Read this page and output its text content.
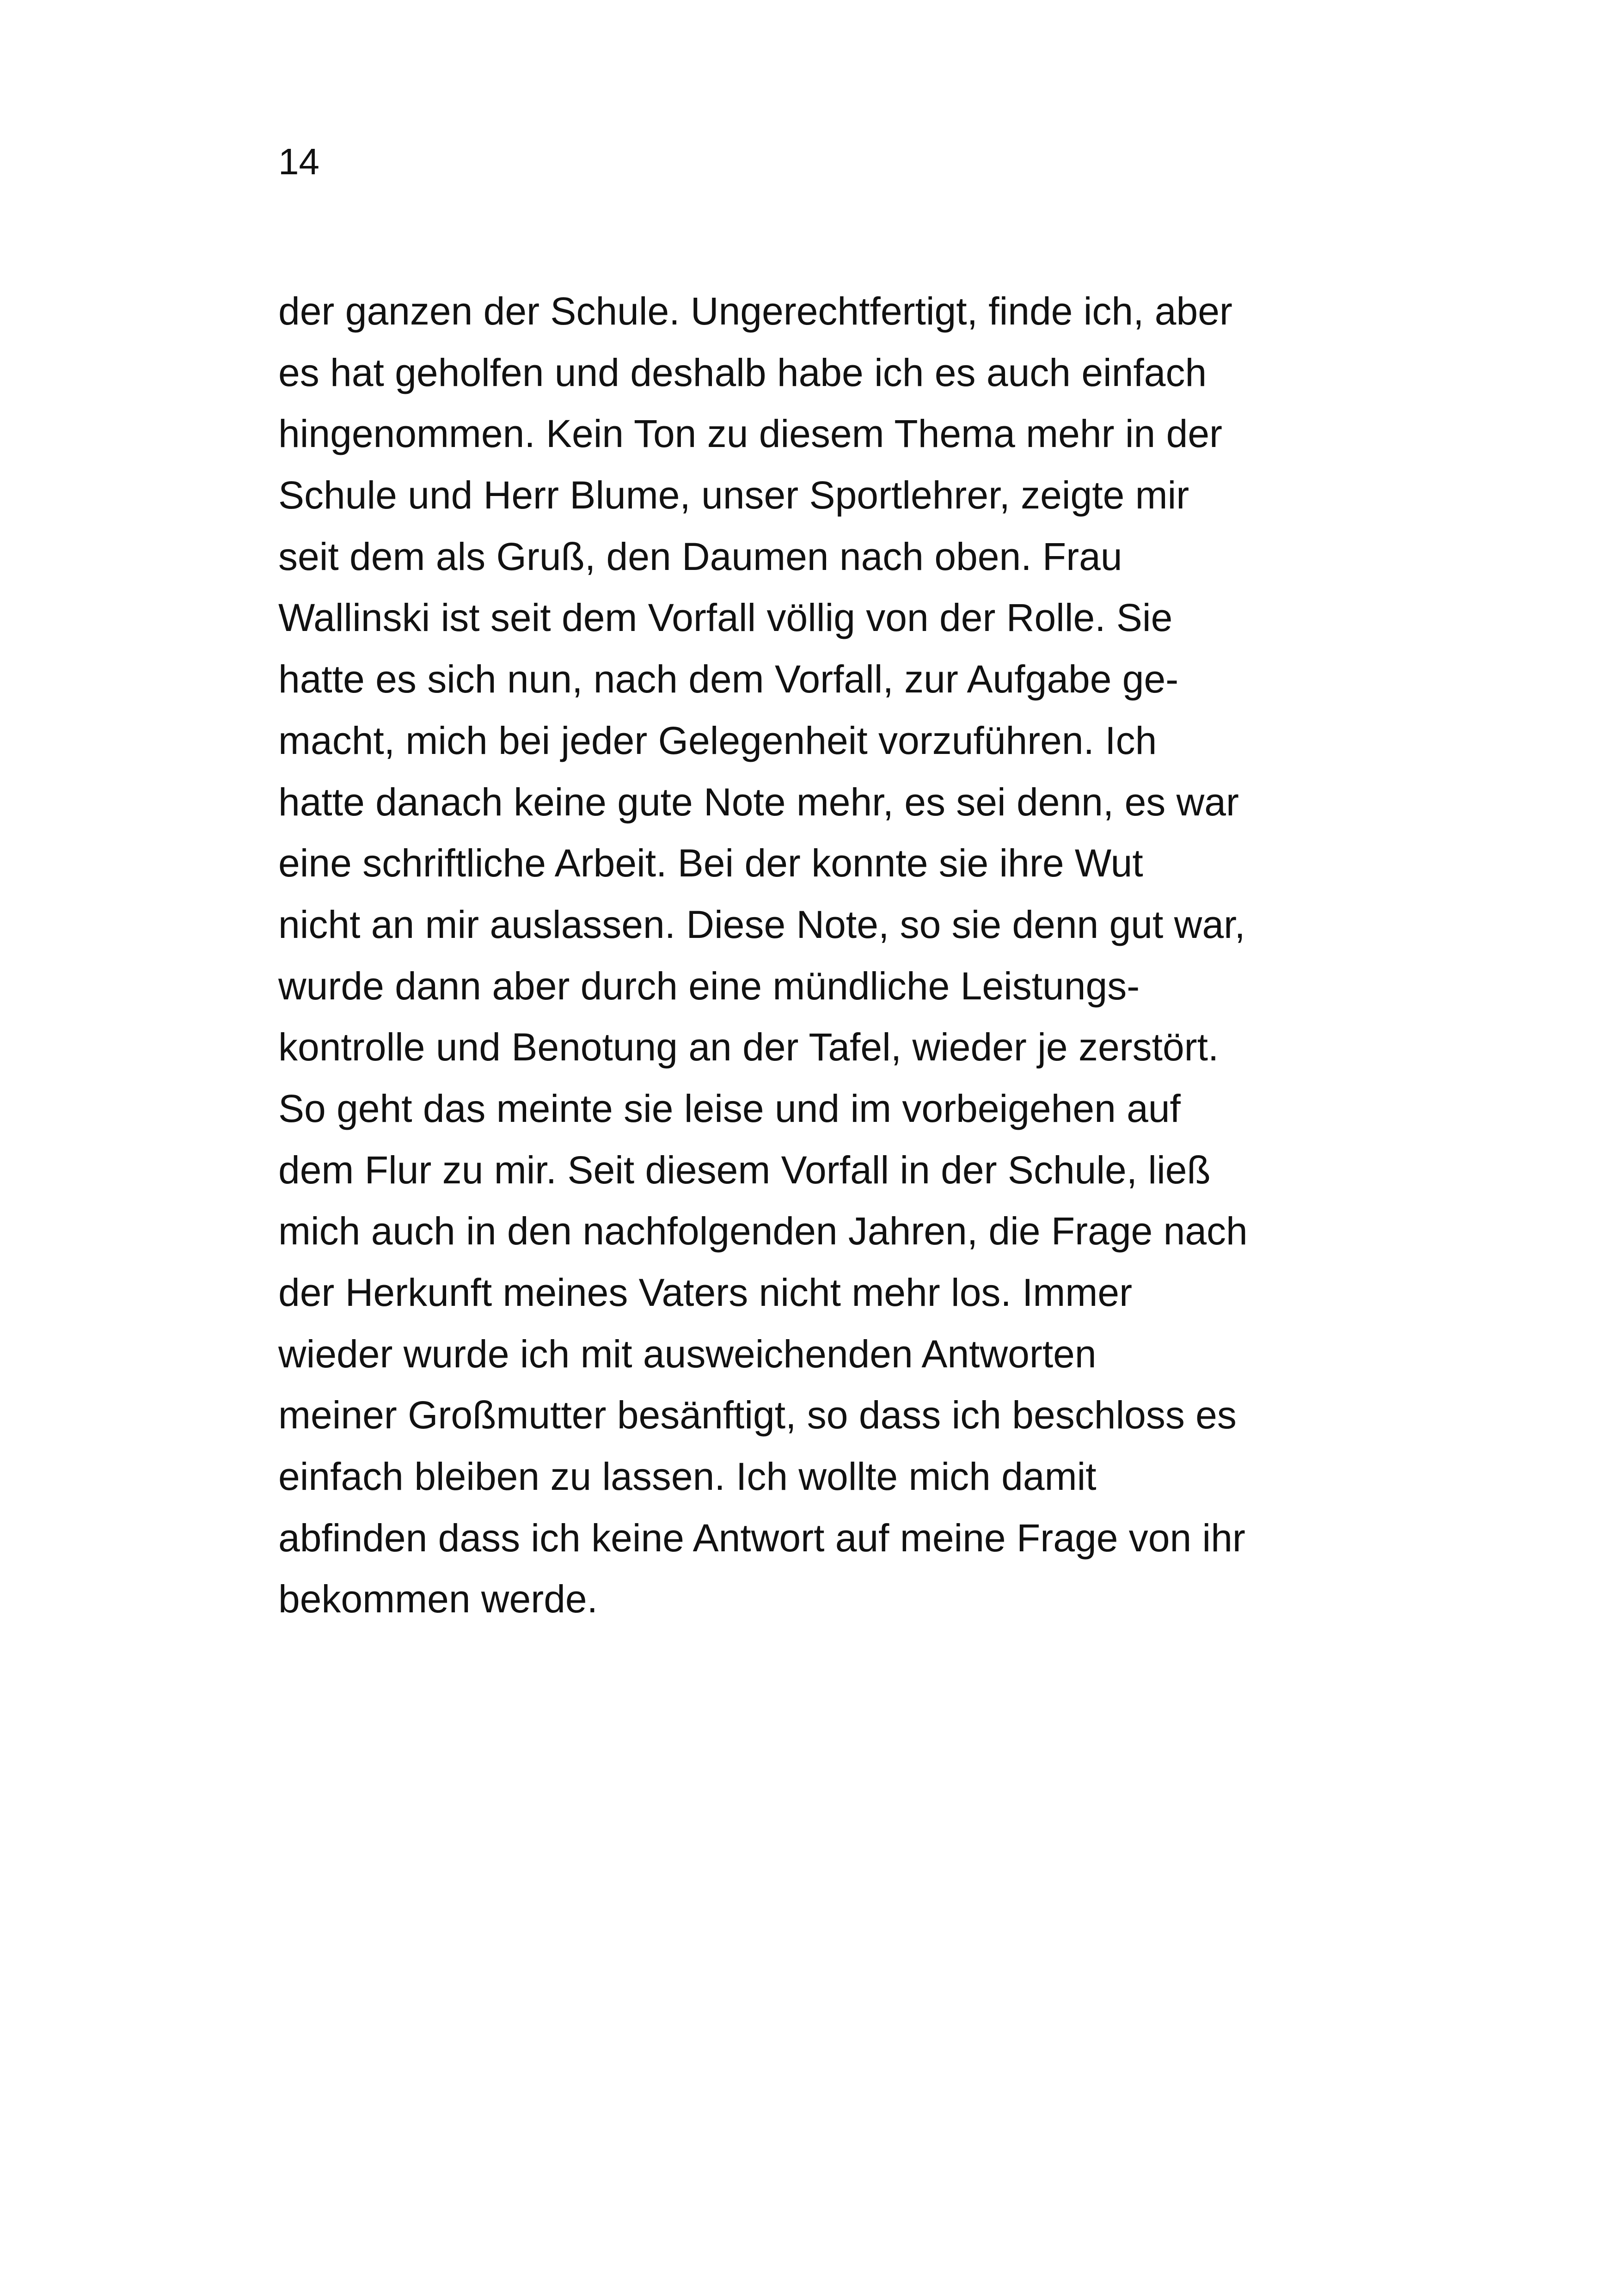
14

der ganzen der Schule. Ungerechtfertigt, finde ich, aber
es hat geholfen und deshalb habe ich es auch einfach
hingenommen. Kein Ton zu diesem Thema mehr in der
Schule und Herr Blume, unser Sportlehrer, zeigte mir
seit dem als Gruß, den Daumen nach oben. Frau
Wallinski ist seit dem Vorfall völlig von der Rolle. Sie
hatte es sich nun, nach dem Vorfall, zur Aufgabe ge-
macht, mich bei jeder Gelegenheit vorzuführen. Ich
hatte danach keine gute Note mehr, es sei denn, es war
eine schriftliche Arbeit. Bei der konnte sie ihre Wut
nicht an mir auslassen. Diese Note, so sie denn gut war,
wurde dann aber durch eine mündliche Leistungs-
kontrolle und Benotung an der Tafel, wieder je zerstört.
So geht das meinte sie leise und im vorbeigehen auf
dem Flur zu mir. Seit diesem Vorfall in der Schule, ließ
mich auch in den nachfolgenden Jahren, die Frage nach
der Herkunft meines Vaters nicht mehr los. Immer
wieder wurde ich mit ausweichenden Antworten
meiner Großmutter besänftigt, so dass ich beschloss es
einfach bleiben zu lassen. Ich wollte mich damit
abfinden dass ich keine Antwort auf meine Frage von ihr
bekommen werde.
